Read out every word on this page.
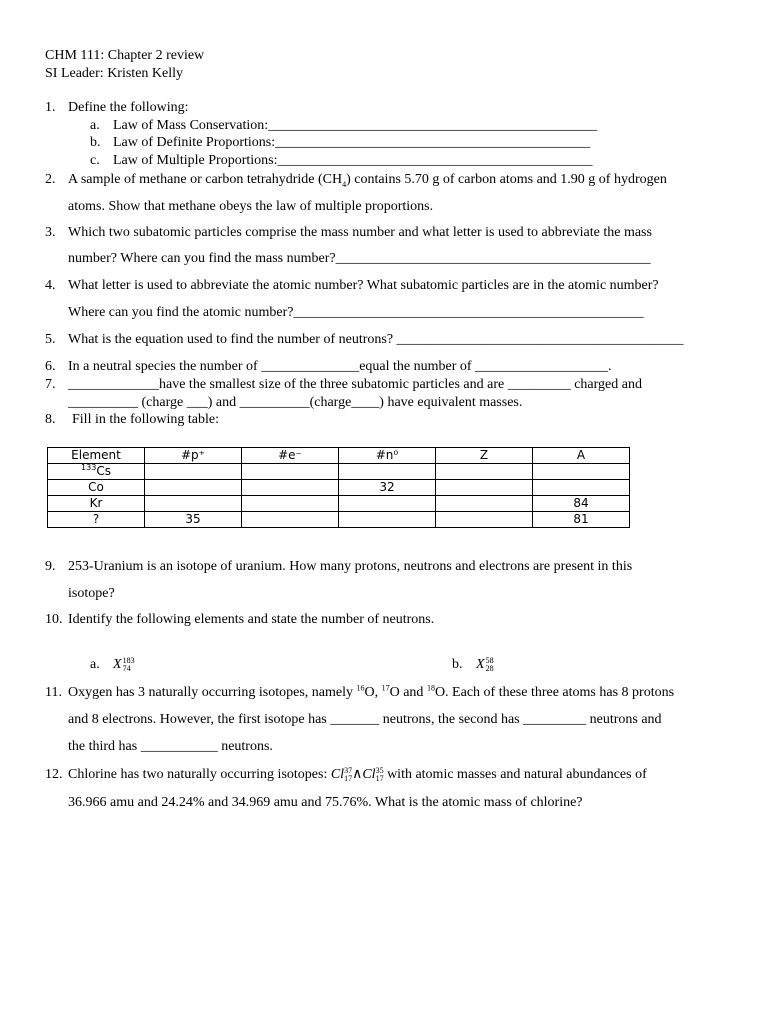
CHM 111: Chapter 2 review
SI Leader: Kristen Kelly
1. Define the following:
a. Law of Mass Conservation:_______________________________________________
b. Law of Definite Proportions:_____________________________________________
c. Law of Multiple Proportions:_____________________________________________
2. A sample of methane or carbon tetrahydride $(CH_4)$ contains 5.70 g of carbon atoms and 1.90 g of hydrogen
atoms. Show that methane obeys the law of multiple proportions.
3. Which two subatomic particles comprise the mass number and what letter is used to abbreviate the mass
number? Where can you find the mass number?_____________________________________________
4. What letter is used to abbreviate the atomic number? What subatomic particles are in the atomic number?
Where can you find the atomic number?__________________________________________________
5. What is the equation used to find the number of neutrons? _________________________________________
6. In a neutral species the number of ______________equal the number of ___________________.
7. _____________have the smallest size of the three subatomic particles and are _________ charged and
__________ (charge ___) and __________(charge____) have equivalent masses.
8. Fill in the following table:
Element	#p⁺	#e⁻	#n⁰	Z	A
$^{133}$Cs					
Co			32		
Kr					84
?	35				81
9. 253-Uranium is an isotope of uranium. How many protons, neutrons and electrons are present in this
isotope?
10. Identify the following elements and state the number of neutrons.
a. X 183
74	b. X 58
28
11. Oxygen has 3 naturally occurring isotopes, namely $^{16}$O, $^{17}$O and $^{18}$O. Each of these three atoms has 8 protons
and 8 electrons. However, the first isotope has _______ neutrons, the second has _________ neutrons and
the third has ___________ neutrons.
12. Chlorine has two naturally occurring isotopes: Cl 37
17 ∧Cl 35
17 with atomic masses and natural abundances of
36.966 amu and 24.24% and 34.969 amu and 75.76%. What is the atomic mass of chlorine?
